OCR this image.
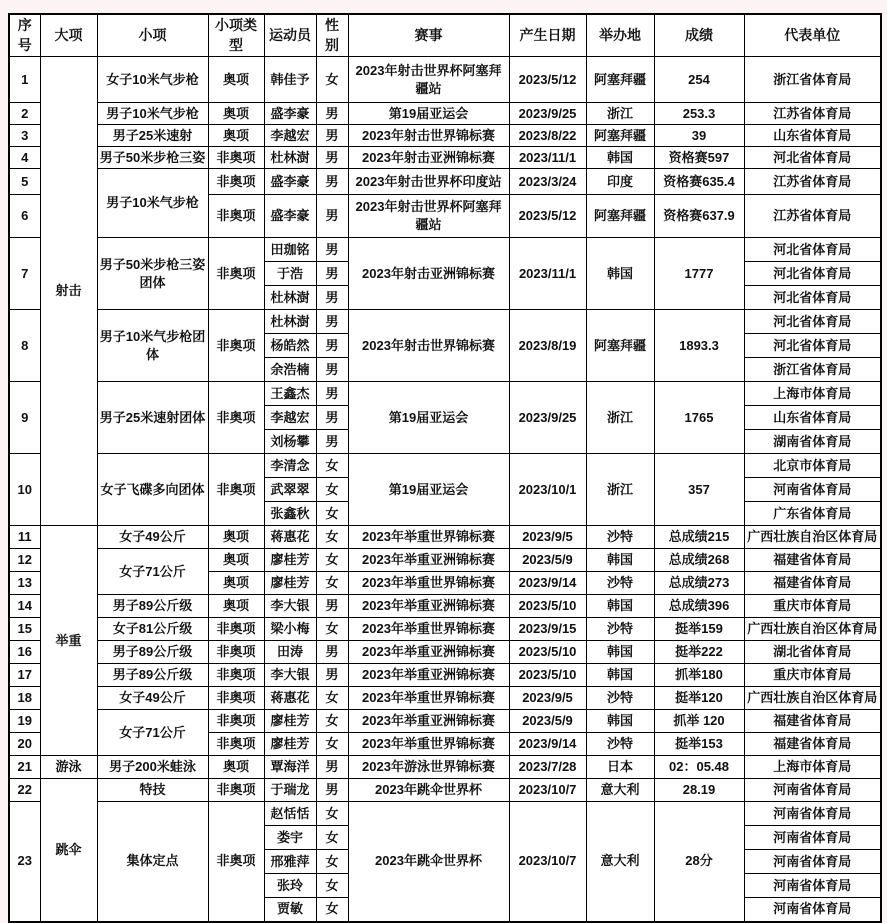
序号	大项	小项	小项类型	运动员	性别	赛事	产生日期	举办地	成绩	代表单位
1	射击	女子10米气步枪	奥项	韩佳予	女	2023年射击世界杯阿塞拜疆站	2023/5/12	阿塞拜疆	254	浙江省体育局
2		男子10米气步枪	奥项	盛李豪	男	第19届亚运会	2023/9/25	浙江	253.3	江苏省体育局
3		男子25米速射	奥项	李越宏	男	2023年射击世界锦标赛	2023/8/22	阿塞拜疆	39	山东省体育局
4		男子50米步枪三姿	非奥项	杜林澍	男	2023年射击亚洲锦标赛	2023/11/1	韩国	资格赛597	河北省体育局
5		男子10米气步枪	非奥项	盛李豪	男	2023年射击世界杯印度站	2023/3/24	印度	资格赛635.4	江苏省体育局
6			非奥项	盛李豪	男	2023年射击世界杯阿塞拜疆站	2023/5/12	阿塞拜疆	资格赛637.9	江苏省体育局
7		男子50米步枪三姿团体	非奥项	田珈铭	男	2023年射击亚洲锦标赛	2023/11/1	韩国	1777	河北省体育局
				于浩	男					河北省体育局
				杜林澍	男					河北省体育局
8		男子10米气步枪团体	非奥项	杜林澍	男	2023年射击世界锦标赛	2023/8/19	阿塞拜疆	1893.3	河北省体育局
				杨皓然	男					河北省体育局
				余浩楠	男					浙江省体育局
9		男子25米速射团体	非奥项	王鑫杰	男	第19届亚运会	2023/9/25	浙江	1765	上海市体育局
				李越宏	男					山东省体育局
				刘杨攀	男					湖南省体育局
10		女子飞碟多向团体	非奥项	李清念	女	第19届亚运会	2023/10/1	浙江	357	北京市体育局
				武翠翠	女					河南省体育局
				张鑫秋	女					广东省体育局
11	举重	女子49公斤	奥项	蒋惠花	女	2023年举重世界锦标赛	2023/9/5	沙特	总成绩215	广西壮族自治区体育局
12		女子71公斤	奥项	廖桂芳	女	2023年举重亚洲锦标赛	2023/5/9	韩国	总成绩268	福建省体育局
13			奥项	廖桂芳	女	2023年举重世界锦标赛	2023/9/14	沙特	总成绩273	福建省体育局
14		男子89公斤级	奥项	李大银	男	2023年举重亚洲锦标赛	2023/5/10	韩国	总成绩396	重庆市体育局
15		女子81公斤级	非奥项	梁小梅	女	2023年举重世界锦标赛	2023/9/15	沙特	挺举159	广西壮族自治区体育局
16		男子89公斤级	非奥项	田涛	男	2023年举重亚洲锦标赛	2023/5/10	韩国	挺举222	湖北省体育局
17		男子89公斤级	非奥项	李大银	男	2023年举重亚洲锦标赛	2023/5/10	韩国	抓举180	重庆市体育局
18		女子49公斤	非奥项	蒋惠花	女	2023年举重世界锦标赛	2023/9/5	沙特	挺举120	广西壮族自治区体育局
19		女子71公斤	非奥项	廖桂芳	女	2023年举重亚洲锦标赛	2023/5/9	韩国	抓举 120	福建省体育局
20			非奥项	廖桂芳	女	2023年举重世界锦标赛	2023/9/14	沙特	挺举153	福建省体育局
21	游泳	男子200米蛙泳	奥项	覃海洋	男	2023年游泳世界锦标赛	2023/7/28	日本	02：05.48	上海市体育局
22	跳伞	特技	非奥项	于瑞龙	男	2023年跳伞世界杯	2023/10/7	意大利	28.19	河南省体育局
23		集体定点	非奥项	赵恬恬	女	2023年跳伞世界杯	2023/10/7	意大利	28分	河南省体育局
				娄宇	女					河南省体育局
				邢雅萍	女					河南省体育局
				张玲	女					河南省体育局
				贾敏	女					河南省体育局
